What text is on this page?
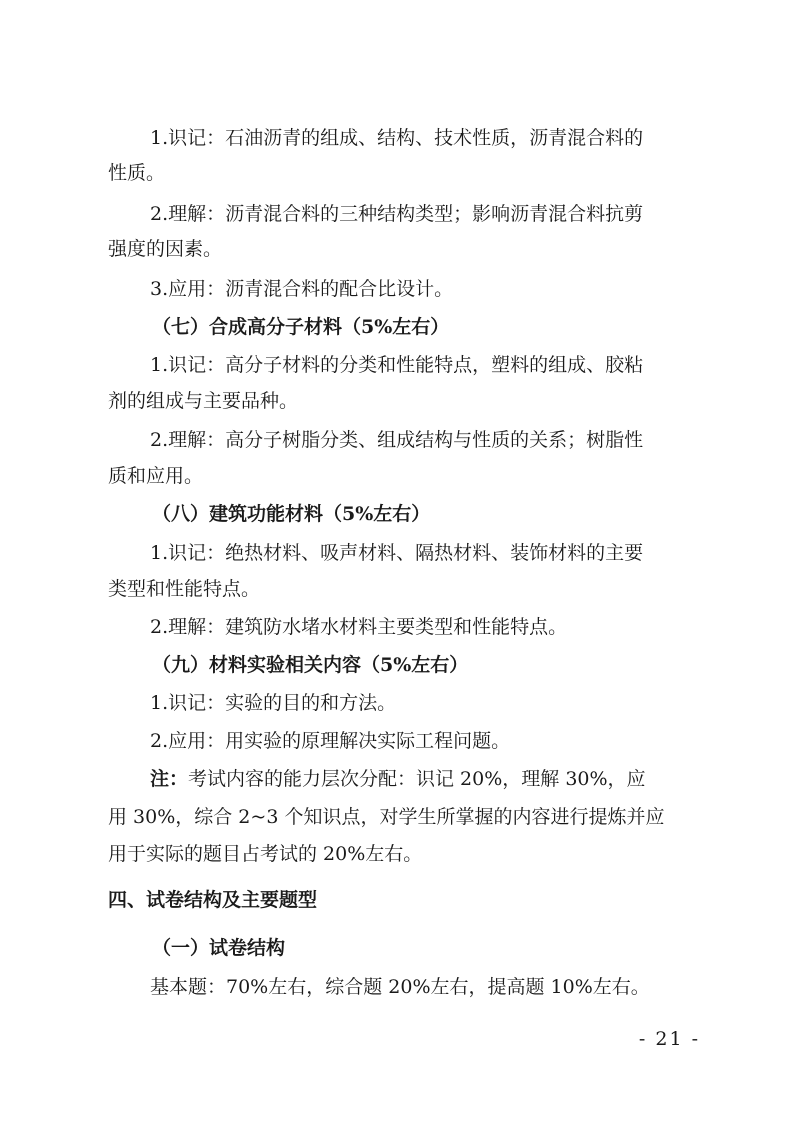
1.识记：石油沥青的组成、结构、技术性质，沥青混合料的
性质。
2.理解：沥青混合料的三种结构类型；影响沥青混合料抗剪
强度的因素。
3.应用：沥青混合料的配合比设计。
（七）合成高分子材料（5%左右）
1.识记：高分子材料的分类和性能特点，塑料的组成、胶粘
剂的组成与主要品种。
2.理解：高分子树脂分类、组成结构与性质的关系；树脂性
质和应用。
（八）建筑功能材料（5%左右）
1.识记：绝热材料、吸声材料、隔热材料、装饰材料的主要
类型和性能特点。
2.理解：建筑防水堵水材料主要类型和性能特点。
（九）材料实验相关内容（5%左右）
1.识记：实验的目的和方法。
2.应用：用实验的原理解决实际工程问题。
注：考试内容的能力层次分配：识记 20%，理解 30%，应
用 30%，综合 2~3 个知识点，对学生所掌握的内容进行提炼并应
用于实际的题目占考试的 20%左右。
四、试卷结构及主要题型
（一）试卷结构
基本题：70%左右，综合题 20%左右，提高题 10%左右。
- 21 -
